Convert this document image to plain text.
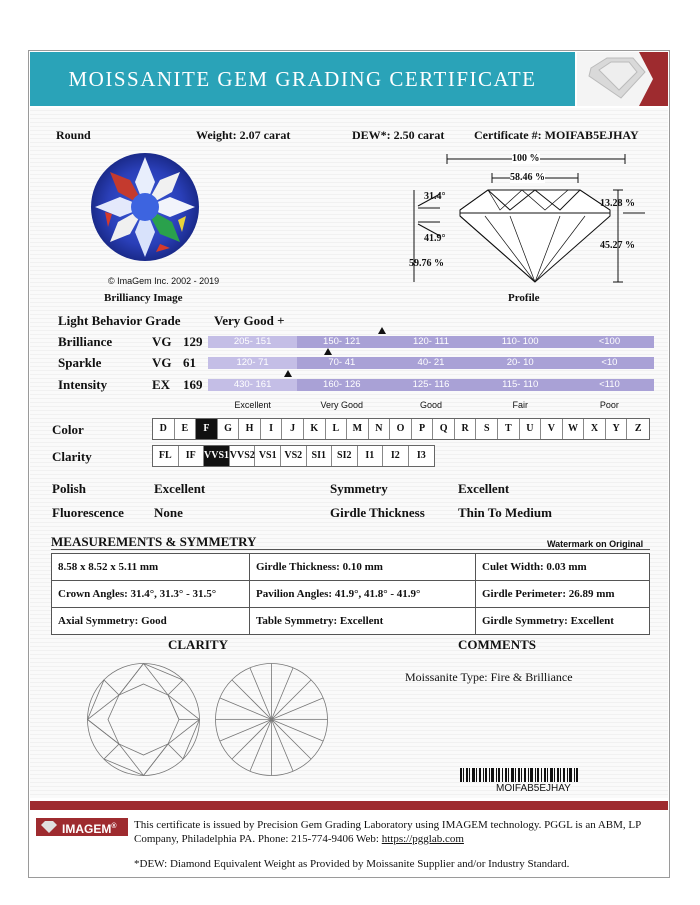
MOISSANITE GEM GRADING CERTIFICATE
Round	Weight: 2.07 carat	DEW*: 2.50 carat Certificate #: MOIFAB5EJHAY
© ImaGem Inc. 2002 - 2019
Brilliancy Image
100 %
58.46 %
31.4°
41.9°
59.76 %
13.28 %
45.27 %
Profile
Light Behavior Grade	Very Good +
Brilliance	VG 129	205- 151	150- 121	120- 111	110- 100	<100
Sparkle	VG 61	120- 71	70- 41	40- 21	20- 10	<10
Intensity	EX 169	430- 161	160- 126	125- 116	115- 110	<110
Excellent	Very Good	Good	Fair	Poor
Color	D	E	F	G	H	I	J	K	L	M	N	O	P	Q	R	S	T	U	V	W	X	Y	Z
Clarity	FL	IF VVS1 VVS2 VS1 VS2 SI1	SI2	I1	I2	I3
Polish	Excellent	Symmetry	Excellent
Fluorescence None	Girdle Thickness	Thin To Medium
MEASUREMENTS & SYMMETRY	Watermark on Original
8.58 x 8.52 x 5.11 mm	Girdle Thickness: 0.10 mm	Culet Width: 0.03 mm
Crown Angles: 31.4°, 31.3° - 31.5°	Pavilion Angles: 41.9°, 41.8° - 41.9°	Girdle Perimeter: 26.89 mm
Axial Symmetry: Good	Table Symmetry: Excellent	Girdle Symmetry: Excellent
CLARITY	COMMENTS
Moissanite Type: Fire & Brilliance
MOIFAB5EJHAY
IMAGEM®	This certificate is issued by Precision Gem Grading Laboratory using IMAGEM technology. PGGL is an ABM, LP Company, Philadelphia PA. Phone: 215-774-9406 Web: https://pgglab.com
*DEW: Diamond Equivalent Weight as Provided by Moissanite Supplier and/or Industry Standard.
